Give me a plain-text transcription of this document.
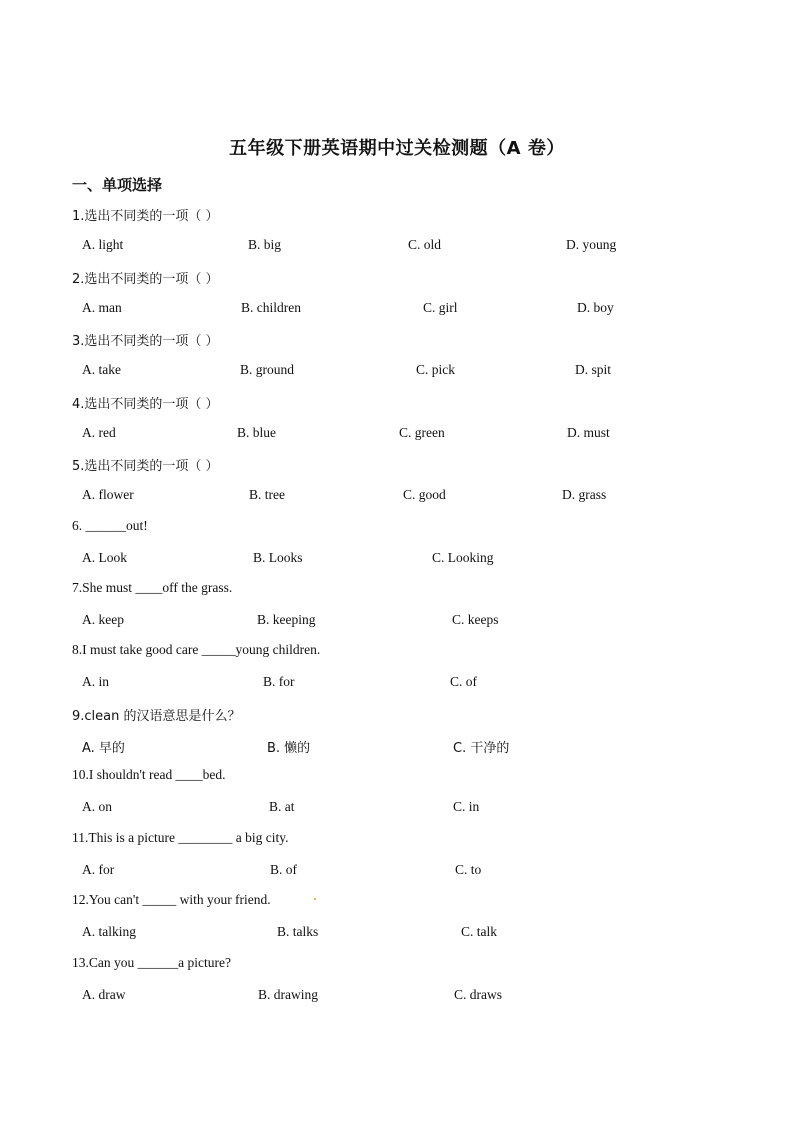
五年级下册英语期中过关检测题（A 卷）
一、单项选择
1.选出不同类的一项（ ）
A. light	B. big	C. old	D. young
2.选出不同类的一项（ ）
A. man	B. children	C. girl	D. boy
3.选出不同类的一项（ ）
A. take	B. ground	C. pick	D. spit
4.选出不同类的一项（ ）
A. red	B. blue	C. green	D. must
5.选出不同类的一项（ ）
A. flower	B. tree	C. good	D. grass
6. ______out!
A. Look	B. Looks	C. Looking
7.She must ____off the grass.
A. keep	B. keeping	C. keeps
8.I must take good care _____young children.
A. in	B. for	C. of
9.clean 的汉语意思是什么？
A. 早的	B. 懒的	C. 干净的
10.I shouldn't read ____bed.
A. on	B. at	C. in
11.This is a picture ________ a big city.
A. for	B. of	C. to
12.You can't _____ with your friend.
A. talking	B. talks	C. talk
13.Can you ______a picture?
A. draw	B. drawing	C. draws
